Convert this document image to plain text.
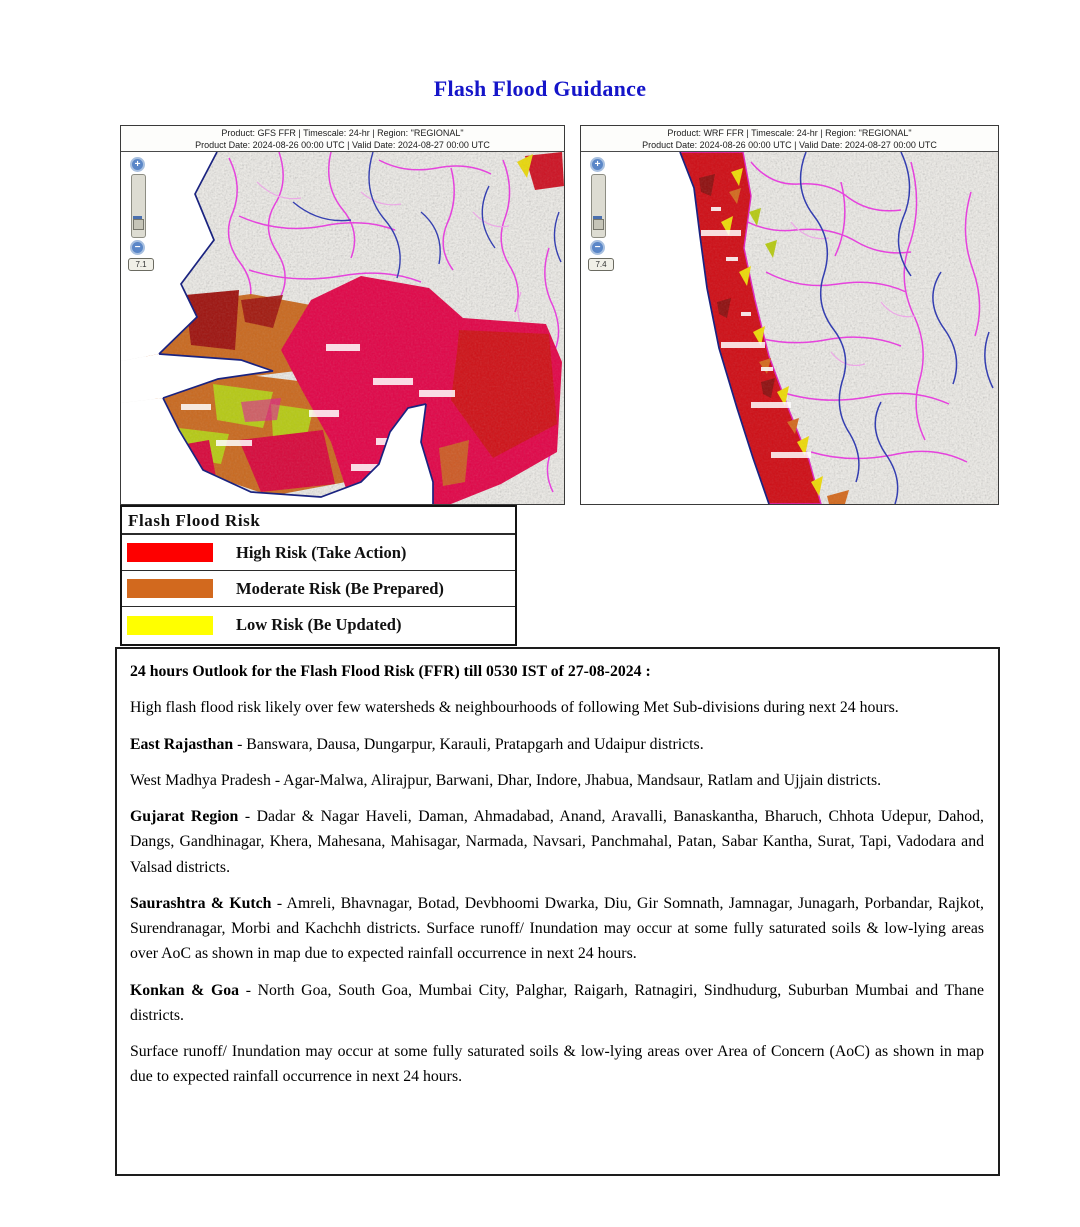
Flash Flood Guidance
Product: GFS FFR | Timescale: 24-hr | Region: "REGIONAL"
Product Date: 2024-08-26 00:00 UTC | Valid Date: 2024-08-27 00:00 UTC
+
−
7.1
Product: WRF FFR | Timescale: 24-hr | Region: "REGIONAL"
Product Date: 2024-08-26 00:00 UTC | Valid Date: 2024-08-27 00:00 UTC
+
−
7.4
Flash Flood Risk
High Risk (Take Action)
Moderate Risk (Be Prepared)
Low Risk (Be Updated)

24 hours Outlook for the Flash Flood Risk (FFR) till 0530 IST of 27-08-2024 :

High flash flood risk likely over few watersheds & neighbourhoods of following Met Sub-divisions during next 24 hours.

East Rajasthan - Banswara, Dausa, Dungarpur, Karauli, Pratapgarh and Udaipur districts.

West Madhya Pradesh - Agar-Malwa, Alirajpur, Barwani, Dhar, Indore, Jhabua, Mandsaur, Ratlam and Ujjain districts.

Gujarat Region - Dadar & Nagar Haveli, Daman, Ahmadabad, Anand, Aravalli, Banaskantha, Bharuch, Chhota Udepur, Dahod, Dangs, Gandhinagar, Khera, Mahesana, Mahisagar, Narmada, Navsari, Panchmahal, Patan, Sabar Kantha, Surat, Tapi, Vadodara and Valsad districts.

Saurashtra & Kutch - Amreli, Bhavnagar, Botad, Devbhoomi Dwarka, Diu, Gir Somnath, Jamnagar, Junagarh, Porbandar, Rajkot, Surendranagar, Morbi and Kachchh districts. Surface runoff/ Inundation may occur at some fully saturated soils & low-lying areas over AoC as shown in map due to expected rainfall occurrence in next 24 hours.

Konkan & Goa - North Goa, South Goa, Mumbai City, Palghar, Raigarh, Ratnagiri, Sindhudurg, Suburban Mumbai and Thane districts.

Surface runoff/ Inundation may occur at some fully saturated soils & low-lying areas over Area of Concern (AoC) as shown in map due to expected rainfall occurrence in next 24 hours.
